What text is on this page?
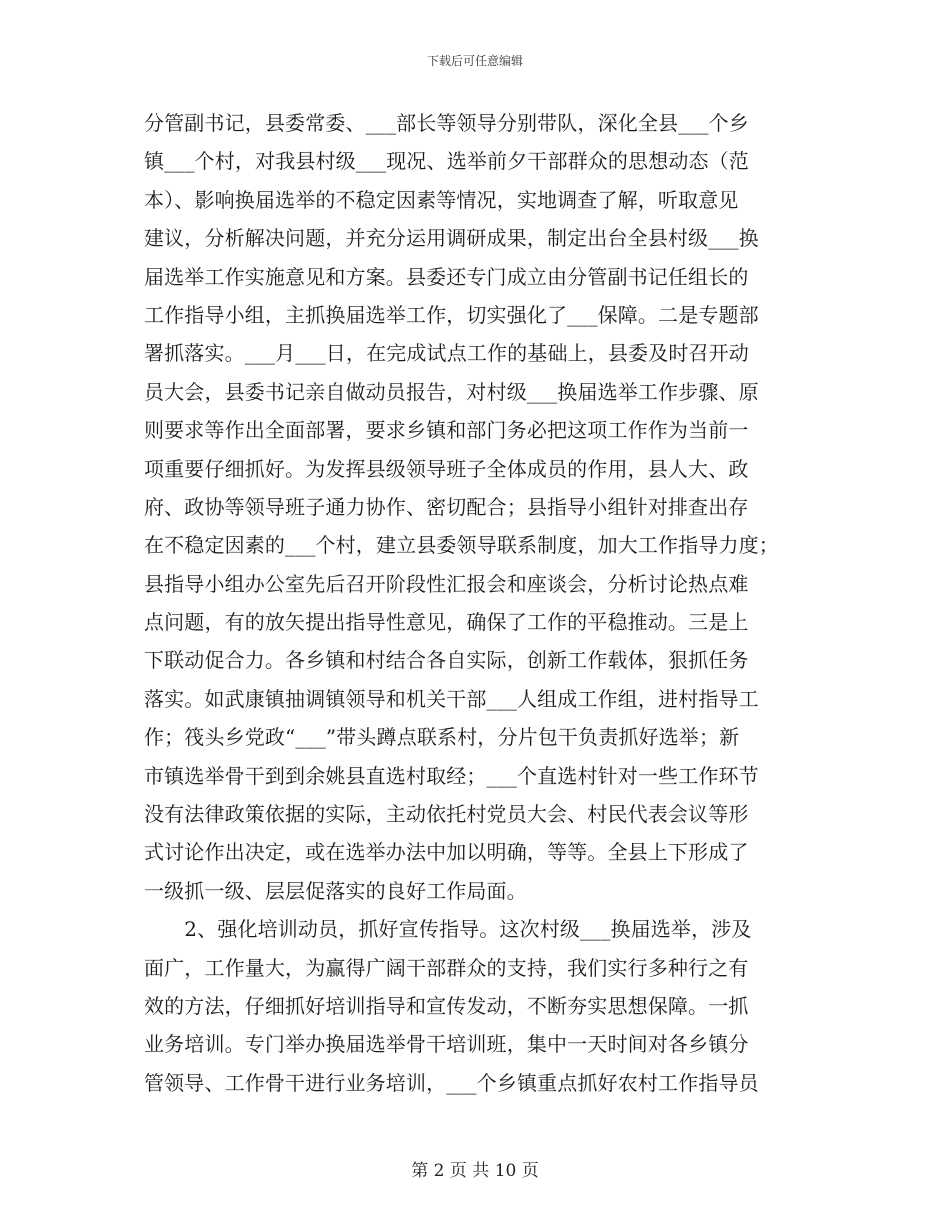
下载后可任意编辑
分管副书记，县委常委、___部长等领导分别带队，深化全县___个乡
镇___个村，对我县村级___现况、选举前夕干部群众的思想动态（范
本）、影响换届选举的不稳定因素等情况，实地调查了解，听取意见
建议，分析解决问题，并充分运用调研成果，制定出台全县村级___换
届选举工作实施意见和方案。县委还专门成立由分管副书记任组长的
工作指导小组，主抓换届选举工作，切实强化了___保障。二是专题部
署抓落实。___月___日，在完成试点工作的基础上，县委及时召开动
员大会，县委书记亲自做动员报告，对村级___换届选举工作步骤、原
则要求等作出全面部署，要求乡镇和部门务必把这项工作作为当前一
项重要仔细抓好。为发挥县级领导班子全体成员的作用，县人大、政
府、政协等领导班子通力协作、密切配合；县指导小组针对排查出存
在不稳定因素的___个村，建立县委领导联系制度，加大工作指导力度；
县指导小组办公室先后召开阶段性汇报会和座谈会，分析讨论热点难
点问题，有的放矢提出指导性意见，确保了工作的平稳推动。三是上
下联动促合力。各乡镇和村结合各自实际，创新工作载体，狠抓任务
落实。如武康镇抽调镇领导和机关干部___人组成工作组，进村指导工
作；筏头乡党政“___”带头蹲点联系村，分片包干负责抓好选举；新
市镇选举骨干到到余姚县直选村取经；___个直选村针对一些工作环节
没有法律政策依据的实际，主动依托村党员大会、村民代表会议等形
式讨论作出决定，或在选举办法中加以明确，等等。全县上下形成了
一级抓一级、层层促落实的良好工作局面。
　　2、强化培训动员，抓好宣传指导。这次村级___换届选举，涉及
面广，工作量大，为赢得广阔干部群众的支持，我们实行多种行之有
效的方法，仔细抓好培训指导和宣传发动，不断夯实思想保障。一抓
业务培训。专门举办换届选举骨干培训班，集中一天时间对各乡镇分
管领导、工作骨干进行业务培训，___个乡镇重点抓好农村工作指导员
第 2 页 共 10 页
